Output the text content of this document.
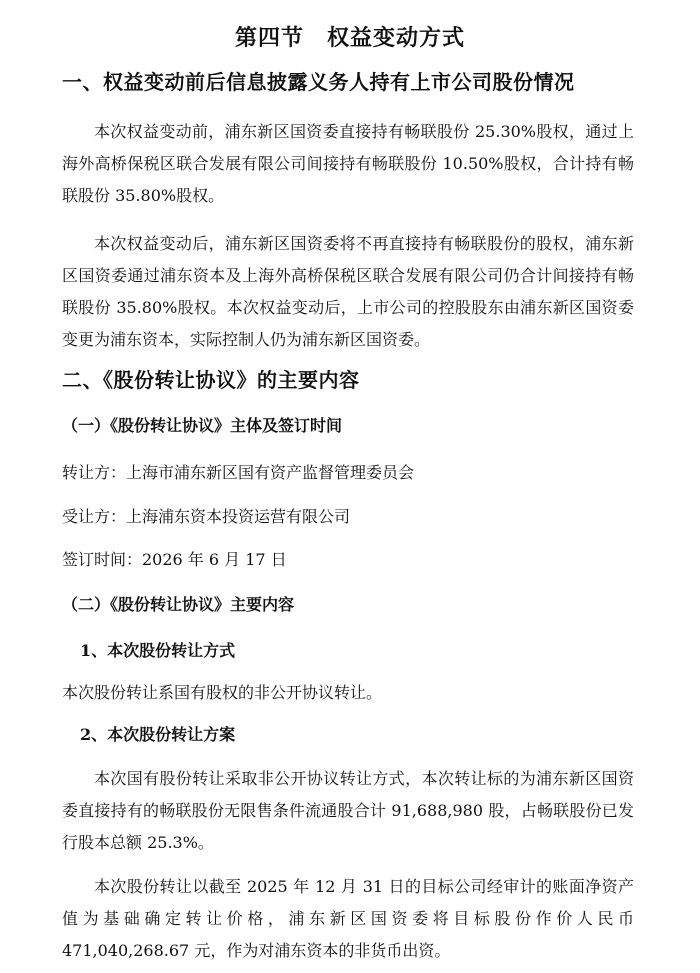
第四节　权益变动方式
一、权益变动前后信息披露义务人持有上市公司股份情况
本次权益变动前，浦东新区国资委直接持有畅联股份 25.30%股权，通过上海外高桥保税区联合发展有限公司间接持有畅联股份 10.50%股权，合计持有畅联股份 35.80%股权。
本次权益变动后，浦东新区国资委将不再直接持有畅联股份的股权，浦东新区国资委通过浦东资本及上海外高桥保税区联合发展有限公司仍合计间接持有畅联股份 35.80%股权。本次权益变动后，上市公司的控股股东由浦东新区国资委变更为浦东资本，实际控制人仍为浦东新区国资委。
二、《股份转让协议》的主要内容
（一）《股份转让协议》主体及签订时间
转让方：上海市浦东新区国有资产监督管理委员会
受让方：上海浦东资本投资运营有限公司
签订时间：2026 年 6 月 17 日
（二）《股份转让协议》主要内容
1、本次股份转让方式
本次股份转让系国有股权的非公开协议转让。
2、本次股份转让方案
本次国有股份转让采取非公开协议转让方式，本次转让标的为浦东新区国资委直接持有的畅联股份无限售条件流通股合计 91,688,980 股，占畅联股份已发行股本总额 25.3%。
本次股份转让以截至 2025 年 12 月 31 日的目标公司经审计的账面净资产值为基础确定转让价格，浦东新区国资委将目标股份作价人民币 471,040,268.67 元，作为对浦东资本的非货币出资。
